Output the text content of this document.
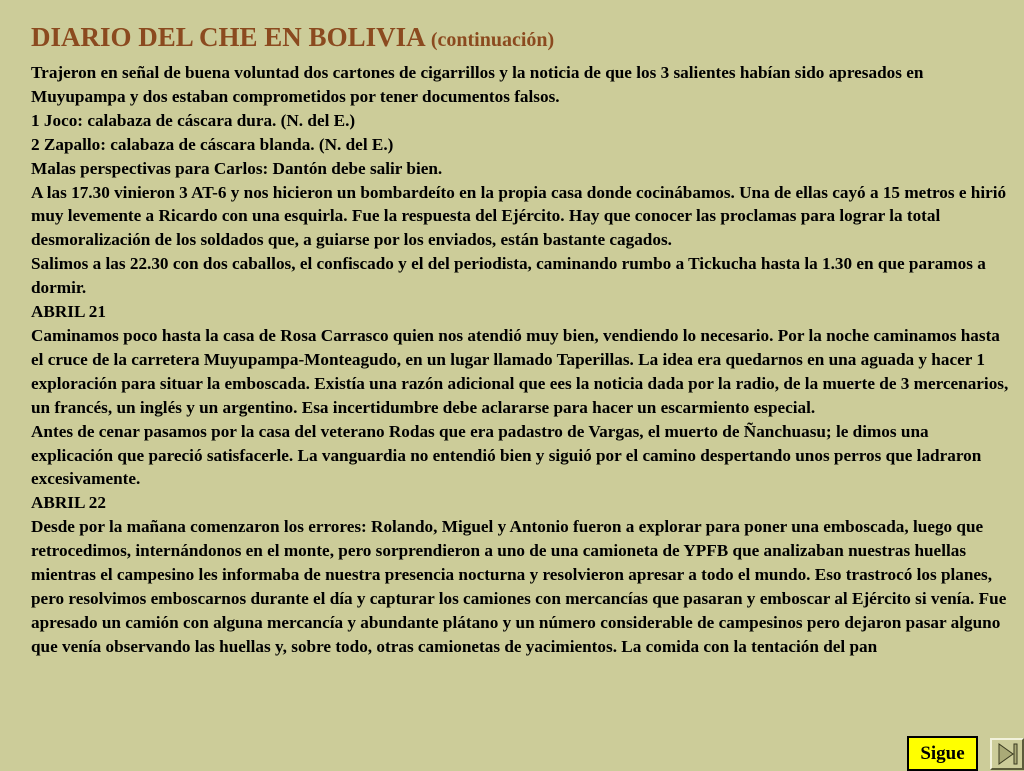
DIARIO DEL CHE EN BOLIVIA (continuación)

Trajeron en señal de buena voluntad dos cartones de cigarrillos y la noticia de que los 3 salientes habían sido apresados en Muyupampa y dos estaban comprometidos por tener documentos falsos.

1 Joco: calabaza de cáscara dura. (N. del E.)

2 Zapallo: calabaza de cáscara blanda. (N. del E.)

Malas perspectivas para Carlos: Dantón debe salir bien.

A las 17.30 vinieron 3 AT-6 y nos hicieron un bombardeíto en la propia casa donde cocinábamos. Una de ellas cayó a 15 metros e hirió muy levemente a Ricardo con una esquirla. Fue la respuesta del Ejército. Hay que conocer las proclamas para lograr la total desmoralización de los soldados que, a guiarse por los enviados, están bastante cagados.

Salimos a las 22.30 con dos caballos, el confiscado y el del periodista, caminando rumbo a Tickucha hasta la 1.30 en que paramos a dormir.

ABRIL 21

Caminamos poco hasta la casa de Rosa Carrasco quien nos atendió muy bien, vendiendo lo necesario. Por la noche caminamos hasta el cruce de la carretera Muyupampa-Monteagudo, en un lugar llamado Taperillas. La idea era quedarnos en una aguada y hacer 1 exploración para situar la emboscada. Existía una razón adicional que ees la noticia dada por la radio, de la muerte de 3 mercenarios, un francés, un inglés y un argentino. Esa incertidumbre debe aclararse para hacer un escarmiento especial.

Antes de cenar pasamos por la casa del veterano Rodas que era padastro de Vargas, el muerto de Ñanchuasu; le dimos una explicación que pareció satisfacerle. La vanguardia no entendió bien y siguió por el camino despertando unos perros que ladraron excesivamente.

ABRIL 22

Desde por la mañana comenzaron los errores: Rolando, Miguel y Antonio fueron a explorar para poner una emboscada, luego que retrocedimos, internándonos en el monte, pero sorprendieron a uno de una camioneta de YPFB que analizaban nuestras huellas mientras el campesino les informaba de nuestra presencia nocturna y resolvieron apresar a todo el mundo. Eso trastrocó los planes, pero resolvimos emboscarnos durante el día y capturar los camiones con mercancías que pasaran y emboscar al Ejército si venía. Fue apresado un camión con alguna mercancía y abundante plátano y un número considerable de campesinos pero dejaron pasar alguno que venía observando las huellas y, sobre todo, otras camionetas de yacimientos. La comida con la tentación del pan

Sigue
